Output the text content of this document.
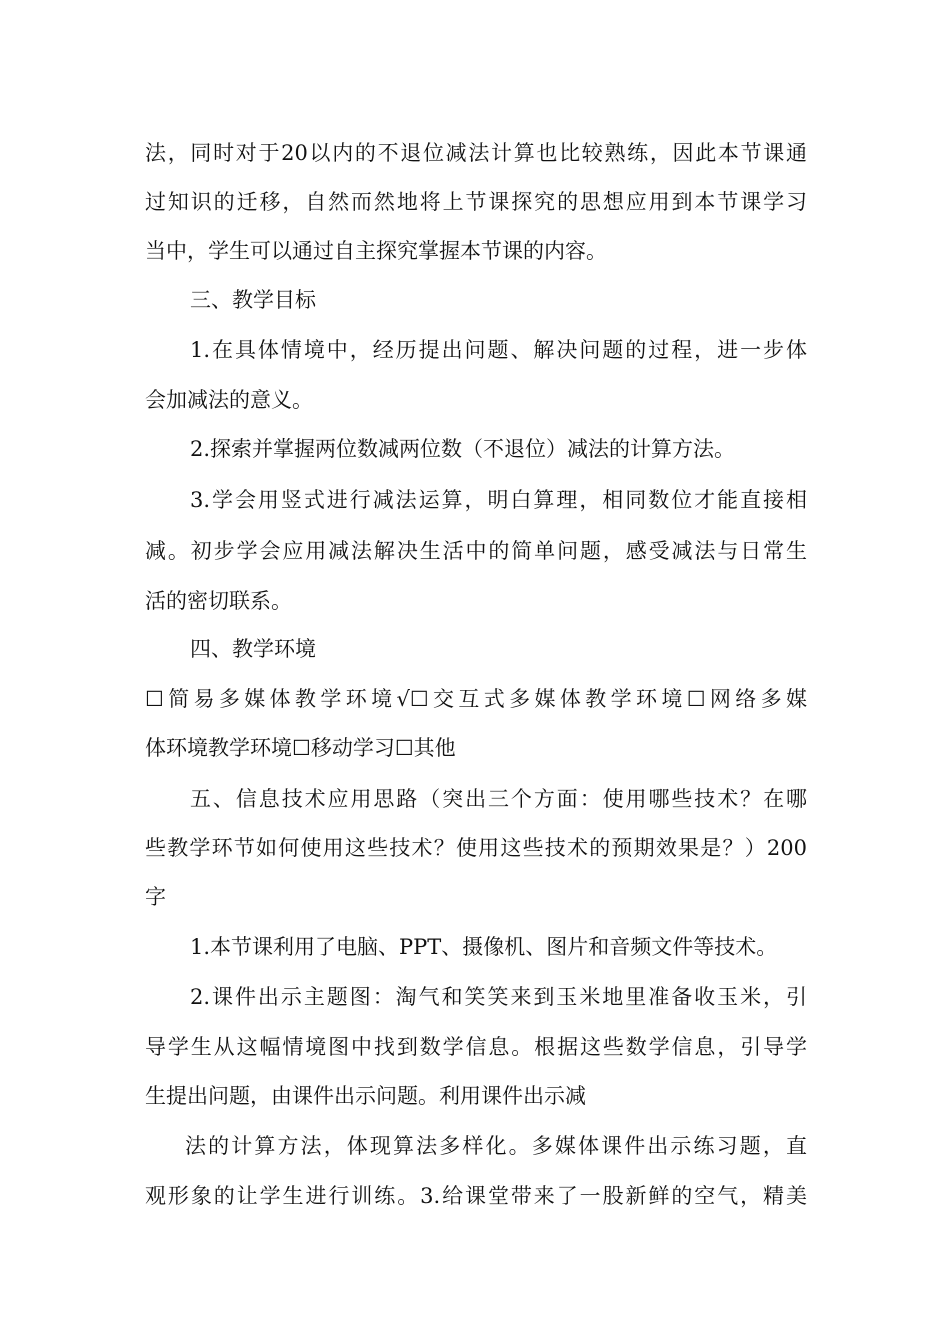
法，同时对于20以内的不退位减法计算也比较熟练，因此本节课通
过知识的迁移，自然而然地将上节课探究的思想应用到本节课学习
当中，学生可以通过自主探究掌握本节课的内容。
三、教学目标
1.在具体情境中，经历提出问题、解决问题的过程，进一步体
会加减法的意义。
2.探索并掌握两位数减两位数（不退位）减法的计算方法。
3.学会用竖式进行减法运算，明白算理，相同数位才能直接相
减。初步学会应用减法解决生活中的简单问题，感受减法与日常生
活的密切联系。
四、教学环境
☐简易多媒体教学环境√☐交互式多媒体教学环境☐网络多媒
体环境教学环境☐移动学习☐其他
五、信息技术应用思路（突出三个方面：使用哪些技术？在哪
些教学环节如何使用这些技术？使用这些技术的预期效果是？）200
字
1.本节课利用了电脑、PPT、摄像机、图片和音频文件等技术。
2.课件出示主题图：淘气和笑笑来到玉米地里准备收玉米，引
导学生从这幅情境图中找到数学信息。根据这些数学信息，引导学
生提出问题，由课件出示问题。利用课件出示减
法的计算方法，体现算法多样化。多媒体课件出示练习题，直
观形象的让学生进行训练。3.给课堂带来了一股新鲜的空气，精美
